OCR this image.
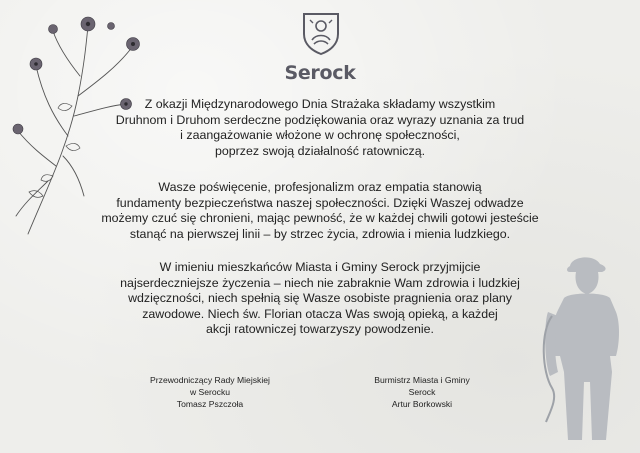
Serock
Z okazji Międzynarodowego Dnia Strażaka składamy wszystkim
Druhnom i Druhom serdeczne podziękowania oraz wyrazy uznania za trud
i zaangażowanie włożone w ochronę społeczności,
poprzez swoją działalność ratowniczą.
Wasze poświęcenie, profesjonalizm oraz empatia stanowią
fundamenty bezpieczeństwa naszej społeczności. Dzięki Waszej odwadze
możemy czuć się chronieni, mając pewność, że w każdej chwili gotowi jesteście
stanąć na pierwszej linii – by strzec życia, zdrowia i mienia ludzkiego.
W imieniu mieszkańców Miasta i Gminy Serock przyjmijcie
najserdeczniejsze życzenia – niech nie zabraknie Wam zdrowia i ludzkiej
wdzięczności, niech spełnią się Wasze osobiste pragnienia oraz plany
zawodowe. Niech św. Florian otacza Was swoją opieką, a każdej
akcji ratowniczej towarzyszy powodzenie.
Przewodniczący Rady Miejskiej
w Serocku
Tomasz Pszczoła
Burmistrz Miasta i Gminy
Serock
Artur Borkowski
